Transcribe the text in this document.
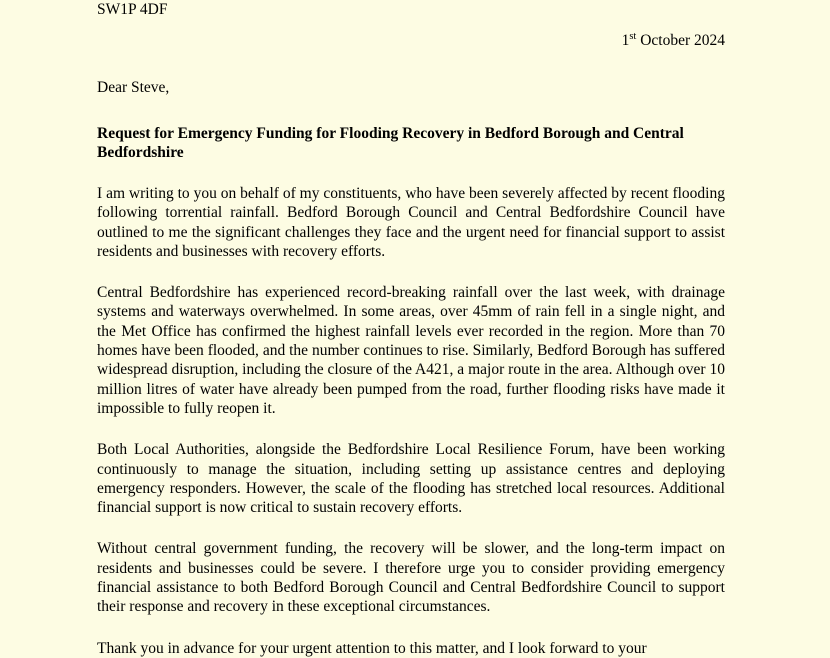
SW1P 4DF

1st October 2024

Dear Steve,

Request for Emergency Funding for Flooding Recovery in Bedford Borough and Central Bedfordshire

I am writing to you on behalf of my constituents, who have been severely affected by recent flooding following torrential rainfall. Bedford Borough Council and Central Bedfordshire Council have outlined to me the significant challenges they face and the urgent need for financial support to assist residents and businesses with recovery efforts.

Central Bedfordshire has experienced record-breaking rainfall over the last week, with drainage systems and waterways overwhelmed. In some areas, over 45mm of rain fell in a single night, and the Met Office has confirmed the highest rainfall levels ever recorded in the region. More than 70 homes have been flooded, and the number continues to rise. Similarly, Bedford Borough has suffered widespread disruption, including the closure of the A421, a major route in the area. Although over 10 million litres of water have already been pumped from the road, further flooding risks have made it impossible to fully reopen it.

Both Local Authorities, alongside the Bedfordshire Local Resilience Forum, have been working continuously to manage the situation, including setting up assistance centres and deploying emergency responders. However, the scale of the flooding has stretched local resources. Additional financial support is now critical to sustain recovery efforts.

Without central government funding, the recovery will be slower, and the long-term impact on residents and businesses could be severe. I therefore urge you to consider providing emergency financial assistance to both Bedford Borough Council and Central Bedfordshire Council to support their response and recovery in these exceptional circumstances.

Thank you in advance for your urgent attention to this matter, and I look forward to your
